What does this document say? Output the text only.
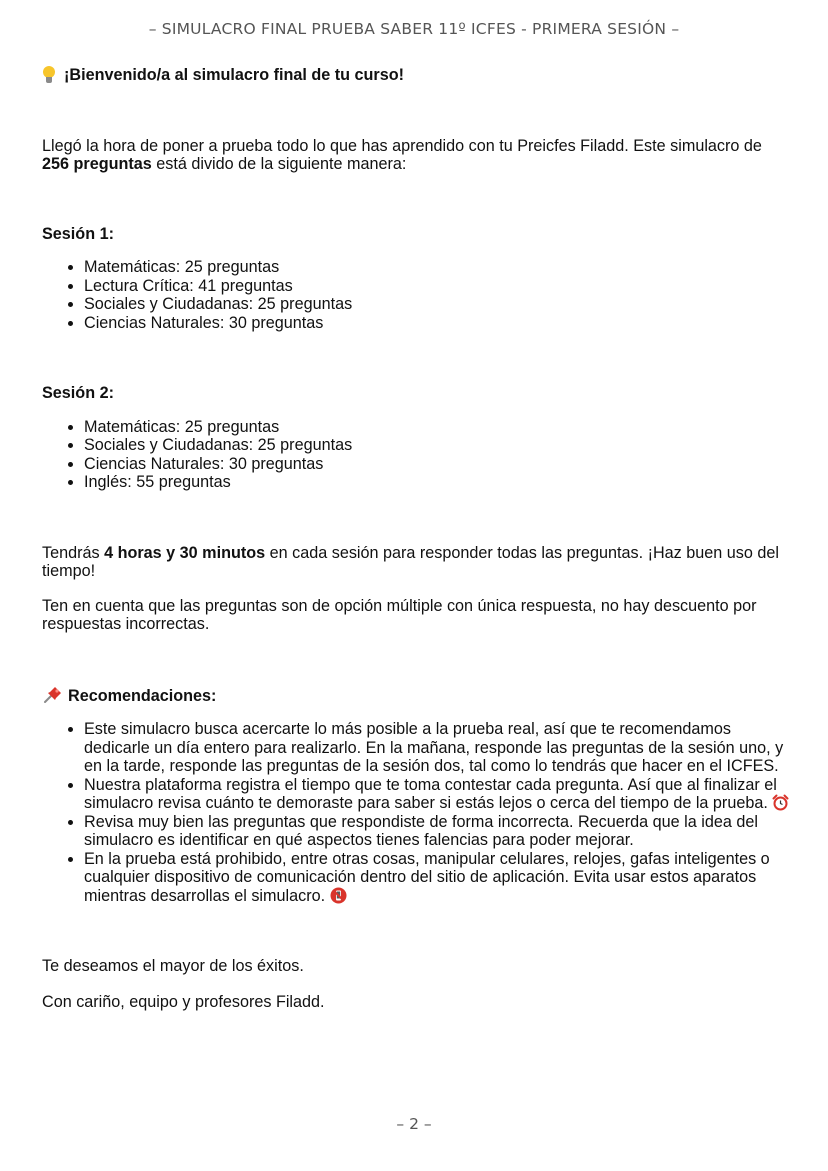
– SIMULACRO FINAL PRUEBA SABER 11º ICFES - PRIMERA SESIÓN –

¡Bienvenido/a al simulacro final de tu curso!

Llegó la hora de poner a prueba todo lo que has aprendido con tu Preicfes Filadd. Este simulacro de 256 preguntas está divido de la siguiente manera:

Sesión 1:

• Matemáticas: 25 preguntas
• Lectura Crítica: 41 preguntas
• Sociales y Ciudadanas: 25 preguntas
• Ciencias Naturales: 30 preguntas

Sesión 2:

• Matemáticas: 25 preguntas
• Sociales y Ciudadanas: 25 preguntas
• Ciencias Naturales: 30 preguntas
• Inglés: 55 preguntas

Tendrás 4 horas y 30 minutos en cada sesión para responder todas las preguntas. ¡Haz buen uso del tiempo!

Ten en cuenta que las preguntas son de opción múltiple con única respuesta, no hay descuento por respuestas incorrectas.

Recomendaciones:

• Este simulacro busca acercarte lo más posible a la prueba real, así que te recomendamos dedicarle un día entero para realizarlo. En la mañana, responde las preguntas de la sesión uno, y en la tarde, responde las preguntas de la sesión dos, tal como lo tendrás que hacer en el ICFES.
• Nuestra plataforma registra el tiempo que te toma contestar cada pregunta. Así que al finalizar el simulacro revisa cuánto te demoraste para saber si estás lejos o cerca del tiempo de la prueba.
• Revisa muy bien las preguntas que respondiste de forma incorrecta. Recuerda que la idea del simulacro es identificar en qué aspectos tienes falencias para poder mejorar.
• En la prueba está prohibido, entre otras cosas, manipular celulares, relojes, gafas inteligentes o cualquier dispositivo de comunicación dentro del sitio de aplicación. Evita usar estos aparatos mientras desarrollas el simulacro.

Te deseamos el mayor de los éxitos.

Con cariño, equipo y profesores Filadd.

– 2 –
